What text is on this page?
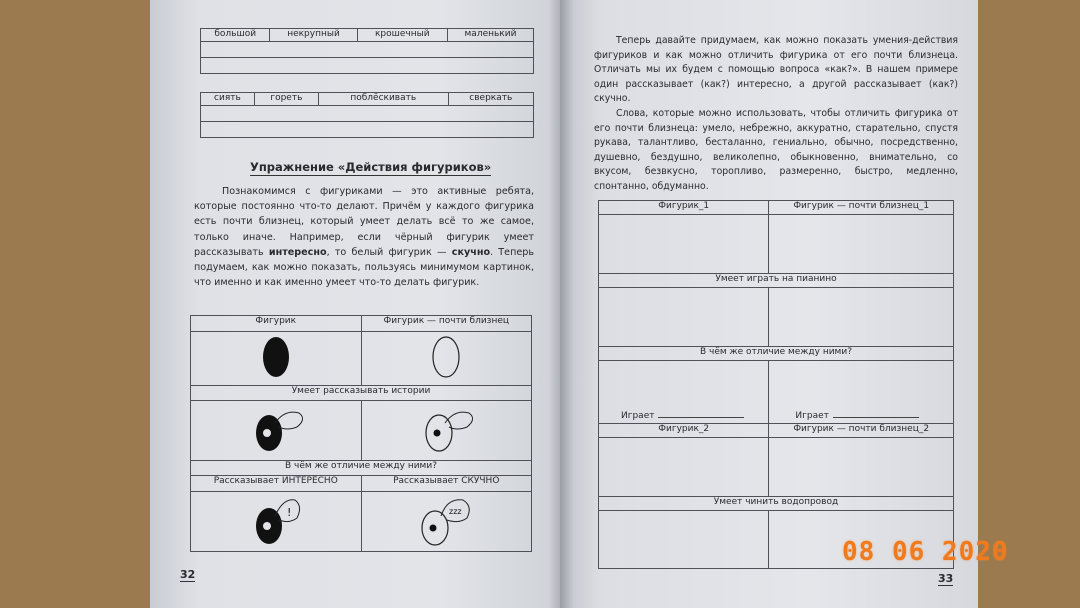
большой	некрупный	крошечный	маленький

сиять	гореть	поблёскивать	сверкать

Упражнение «Действия фигуриков»
Познакомимся с фигуриками — это активные ребята, которые постоянно что-то делают. Причём у каждого фигурика есть почти близнец, который умеет делать всё то же самое, только иначе. Например, если чёрный фигурик умеет рассказывать интересно, то белый фигурик — скучно. Теперь подумаем, как можно показать, пользуясь минимумом картинок, что именно и как именно умеет что-то делать фигурик.
Фигурик	Фигурик — почти близнец

Умеет рассказывать истории	

В чём же отличие между ними?	
Рассказывает ИНТЕРЕСНО	Рассказывает СКУЧНО

!	zzz
32
Теперь давайте придумаем, как можно показать умения-действия фигуриков и как можно отличить фигурика от его почти близнеца. Отличать мы их будем с помощью вопроса «как?». В нашем примере один рассказывает (как?) интересно, а другой рассказывает (как?) скучно.
Слова, которые можно использовать, чтобы отличить фигурика от его почти близнеца: умело, небрежно, аккуратно, старательно, спустя рукава, талантливо, бесталанно, гениально, обычно, посредственно, душевно, бездушно, великолепно, обыкновенно, внимательно, со вкусом, безвкусно, торопливо, размеренно, быстро, медленно, спонтанно, обдуманно.
Фигурик_1	Фигурик — почти близнец_1

Умеет играть на пианино	

В чём же отличие между ними?	
Играет	Играет
Фигурик_2	Фигурик — почти близнец_2

Умеет чинить водопровод	

33
08 06 2020
